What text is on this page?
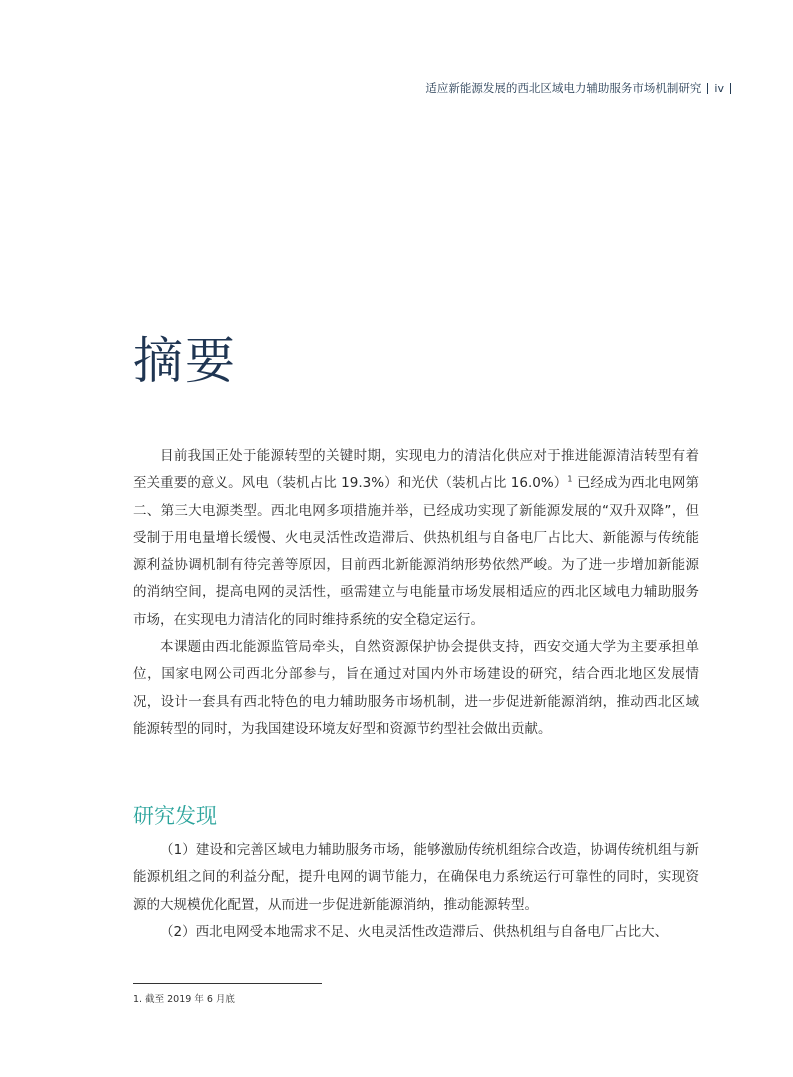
适应新能源发展的西北区域电力辅助服务市场机制研究 iv
摘要

目前我国正处于能源转型的关键时期，实现电力的清洁化供应对于推进能源清洁转型有着至关重要的意义。风电（装机占比 19.3%）和光伏（装机占比 16.0%）$^1$ 已经成为西北电网第二、第三大电源类型。西北电网多项措施并举，已经成功实现了新能源发展的“双升双降”，但受制于用电量增长缓慢、火电灵活性改造滞后、供热机组与自备电厂占比大、新能源与传统能源利益协调机制有待完善等原因，目前西北新能源消纳形势依然严峻。为了进一步增加新能源的消纳空间，提高电网的灵活性，亟需建立与电能量市场发展相适应的西北区域电力辅助服务市场，在实现电力清洁化的同时维持系统的安全稳定运行。

本课题由西北能源监管局牵头，自然资源保护协会提供支持，西安交通大学为主要承担单位，国家电网公司西北分部参与，旨在通过对国内外市场建设的研究，结合西北地区发展情况，设计一套具有西北特色的电力辅助服务市场机制，进一步促进新能源消纳，推动西北区域能源转型的同时，为我国建设环境友好型和资源节约型社会做出贡献。

研究发现

（1）建设和完善区域电力辅助服务市场，能够激励传统机组综合改造，协调传统机组与新能源机组之间的利益分配，提升电网的调节能力，在确保电力系统运行可靠性的同时，实现资源的大规模优化配置，从而进一步促进新能源消纳，推动能源转型。

（2）西北电网受本地需求不足、火电灵活性改造滞后、供热机组与自备电厂占比大、

1. 截至 2019 年 6 月底
